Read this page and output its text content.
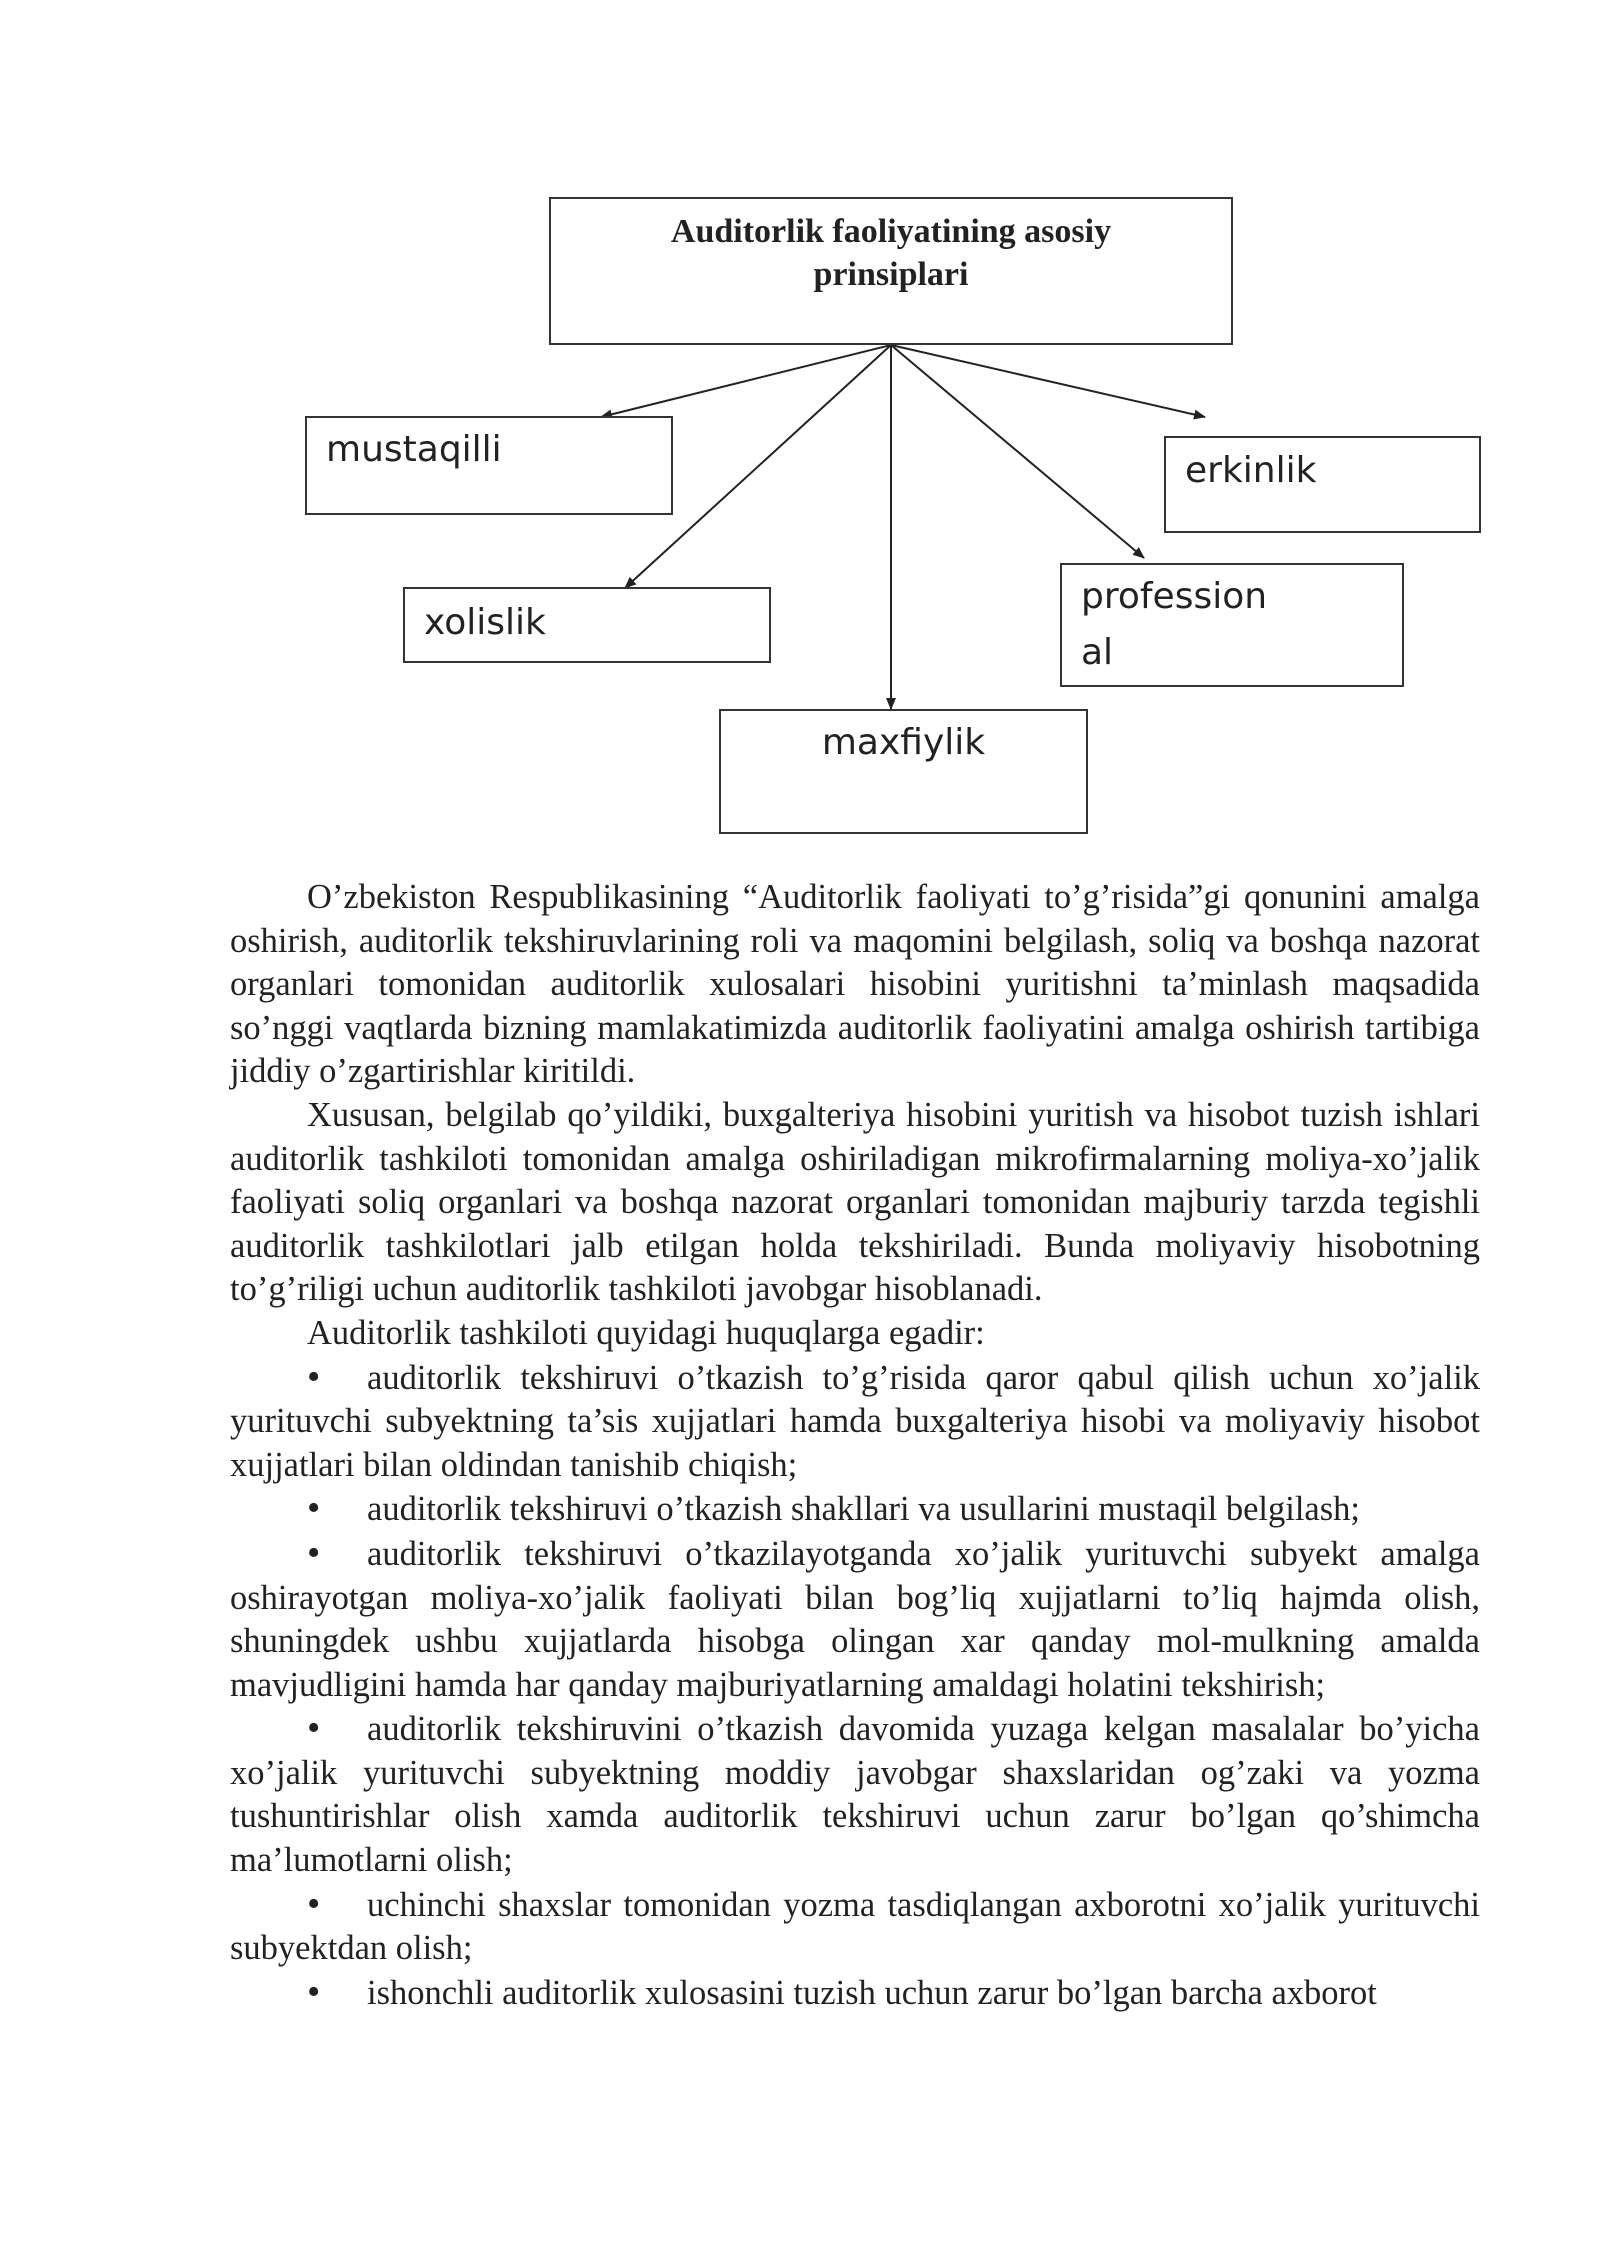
Auditorlik faoliyatining asosiy prinsiplari
mustaqilli
erkinlik
xolislik
profession
al
maxfiylik

O’zbekiston Respublikasining “Auditorlik faoliyati to’g’risida”gi qonunini amalga oshirish, auditorlik tekshiruvlarining roli va maqomini belgilash, soliq va boshqa nazorat organlari tomonidan auditorlik xulosalari hisobini yuritishni ta’minlash maqsadida so’nggi vaqtlarda bizning mamlakatimizda auditorlik faoliyatini amalga oshirish tartibiga jiddiy o’zgartirishlar kiritildi.

Xususan, belgilab qo’yildiki, buxgalteriya hisobini yuritish va hisobot tuzish ishlari auditorlik tashkiloti tomonidan amalga oshiriladigan mikrofirmalarning moliya-xo’jalik faoliyati soliq organlari va boshqa nazorat organlari tomonidan majburiy tarzda tegishli auditorlik tashkilotlari jalb etilgan holda tekshiriladi. Bunda moliyaviy hisobotning to’g’riligi uchun auditorlik tashkiloti javobgar hisoblanadi.

Auditorlik tashkiloti quyidagi huquqlarga egadir:

•auditorlik tekshiruvi o’tkazish to’g’risida qaror qabul qilish uchun xo’jalik yurituvchi subyektning ta’sis xujjatlari hamda buxgalteriya hisobi va moliyaviy hisobot xujjatlari bilan oldindan tanishib chiqish;

•auditorlik tekshiruvi o’tkazish shakllari va usullarini mustaqil belgilash;

•auditorlik tekshiruvi o’tkazilayotganda xo’jalik yurituvchi subyekt amalga oshirayotgan moliya-xo’jalik faoliyati bilan bog’liq xujjatlarni to’liq hajmda olish, shuningdek ushbu xujjatlarda hisobga olingan xar qanday mol-mulkning amalda mavjudligini hamda har qanday majburiyatlarning amaldagi holatini tekshirish;

•auditorlik tekshiruvini o’tkazish davomida yuzaga kelgan masalalar bo’yicha xo’jalik yurituvchi subyektning moddiy javobgar shaxslaridan og’zaki va yozma tushuntirishlar olish xamda auditorlik tekshiruvi uchun zarur bo’lgan qo’shimcha ma’lumotlarni olish;

•uchinchi shaxslar tomonidan yozma tasdiqlangan axborotni xo’jalik yurituvchi subyektdan olish;

•ishonchli auditorlik xulosasini tuzish uchun zarur bo’lgan barcha axborot
